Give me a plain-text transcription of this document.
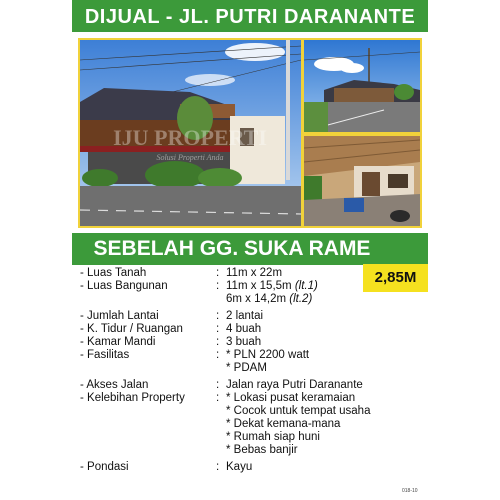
DIJUAL - JL. PUTRI DARANANTE
IJU PROPERTI
Solusi Properti Anda
SEBELAH GG. SUKA RAME
2,85M
- Luas Tanah	: 11m x 22m
- Luas Bangunan	: 11m x 15,5m (lt.1)
6m x 14,2m (lt.2)
- Jumlah Lantai	: 2 lantai
- K. Tidur / Ruangan	: 4 buah
- Kamar Mandi	: 3 buah
- Fasilitas	: * PLN 2200 watt
* PDAM
- Akses Jalan	: Jalan raya Putri Daranante
- Kelebihan Property	: * Lokasi pusat keramaian
* Cocok untuk tempat usaha
* Dekat kemana-mana
* Rumah siap huni
* Bebas banjir
- Pondasi	: Kayu
018-10
